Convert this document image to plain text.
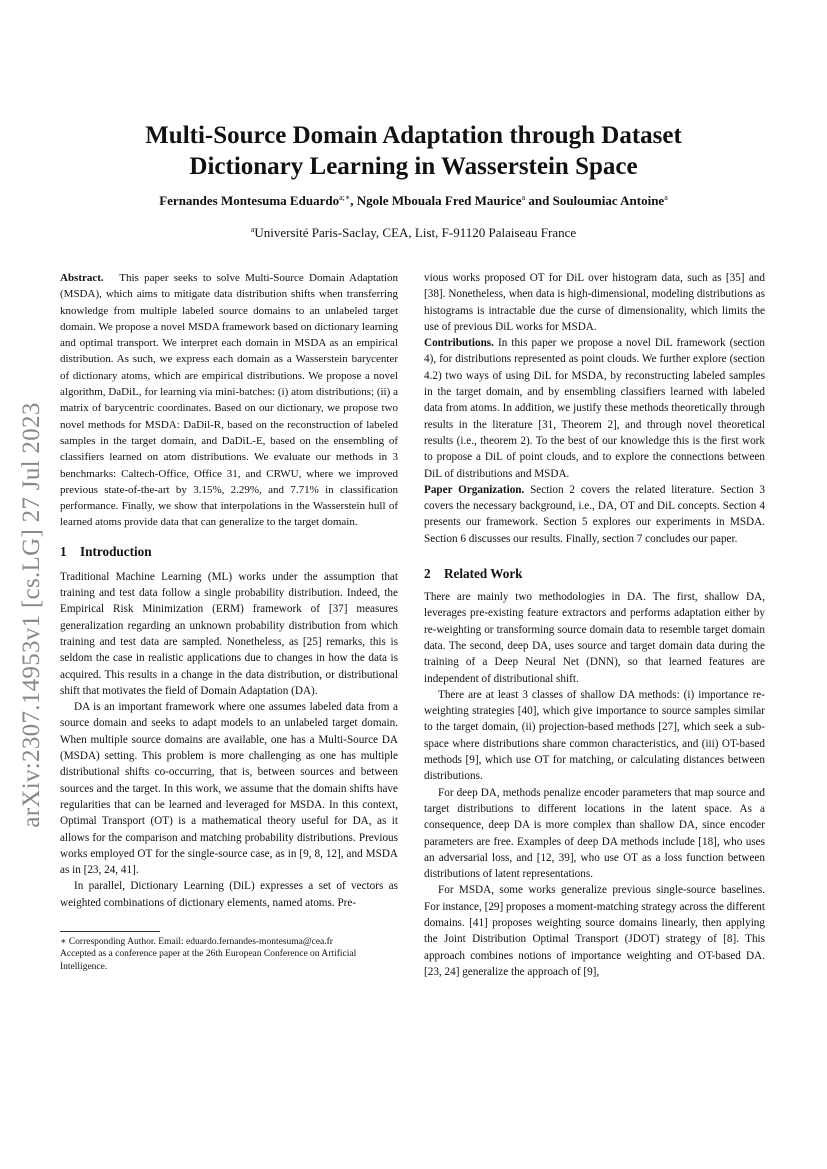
arXiv:2307.14953v1 [cs.LG] 27 Jul 2023
Multi-Source Domain Adaptation through Dataset
Dictionary Learning in Wasserstein Space
Fernandes Montesuma Eduardo$^{a;∗}$, Ngole Mbouala Fred Maurice$^a$ and Souloumiac Antoine$^a$
$^a$Université Paris-Saclay, CEA, List, F-91120 Palaiseau France

Abstract. This paper seeks to solve Multi-Source Domain Adaptation (MSDA), which aims to mitigate data distribution shifts when transferring knowledge from multiple labeled source domains to an unlabeled target domain. We propose a novel MSDA framework based on dictionary learning and optimal transport. We interpret each domain in MSDA as an empirical distribution. As such, we express each domain as a Wasserstein barycenter of dictionary atoms, which are empirical distributions. We propose a novel algorithm, DaDiL, for learning via mini-batches: (i) atom distributions; (ii) a matrix of barycentric coordinates. Based on our dictionary, we propose two novel methods for MSDA: DaDil-R, based on the reconstruction of labeled samples in the target domain, and DaDiL-E, based on the ensembling of classifiers learned on atom distributions. We evaluate our methods in 3 benchmarks: Caltech-Office, Office 31, and CRWU, where we improved previous state-of-the-art by 3.15%, 2.29%, and 7.71% in classification performance. Finally, we show that interpolations in the Wasserstein hull of learned atoms provide data that can generalize to the target domain.

1 Introduction

Traditional Machine Learning (ML) works under the assumption that training and test data follow a single probability distribution. Indeed, the Empirical Risk Minimization (ERM) framework of [37] measures generalization regarding an unknown probability distribution from which training and test data are sampled. Nonetheless, as [25] remarks, this is seldom the case in realistic applications due to changes in how the data is acquired. This results in a change in the data distribution, or distributional shift that motivates the field of Domain Adaptation (DA).

DA is an important framework where one assumes labeled data from a source domain and seeks to adapt models to an unlabeled target domain. When multiple source domains are available, one has a Multi-Source DA (MSDA) setting. This problem is more challenging as one has multiple distributional shifts co-occurring, that is, between sources and between sources and the target. In this work, we assume that the domain shifts have regularities that can be learned and leveraged for MSDA. In this context, Optimal Transport (OT) is a mathematical theory useful for DA, as it allows for the comparison and matching probability distributions. Previous works employed OT for the single-source case, as in [9, 8, 12], and MSDA as in [23, 24, 41].

In parallel, Dictionary Learning (DiL) expresses a set of vectors as weighted combinations of dictionary elements, named atoms. Pre-

∗ Corresponding Author. Email: eduardo.fernandes-montesuma@cea.fr

Accepted as a conference paper at the 26th European Conference on Artificial Intelligence.

vious works proposed OT for DiL over histogram data, such as [35] and [38]. Nonetheless, when data is high-dimensional, modeling distributions as histograms is intractable due the curse of dimensionality, which limits the use of previous DiL works for MSDA.

Contributions. In this paper we propose a novel DiL framework (section 4), for distributions represented as point clouds. We further explore (section 4.2) two ways of using DiL for MSDA, by reconstructing labeled samples in the target domain, and by ensembling classifiers learned with labeled data from atoms. In addition, we justify these methods theoretically through results in the literature [31, Theorem 2], and through novel theoretical results (i.e., theorem 2). To the best of our knowledge this is the first work to propose a DiL of point clouds, and to explore the connections between DiL of distributions and MSDA.

Paper Organization. Section 2 covers the related literature. Section 3 covers the necessary background, i.e., DA, OT and DiL concepts. Section 4 presents our framework. Section 5 explores our experiments in MSDA. Section 6 discusses our results. Finally, section 7 concludes our paper.

2 Related Work

There are mainly two methodologies in DA. The first, shallow DA, leverages pre-existing feature extractors and performs adaptation either by re-weighting or transforming source domain data to resemble target domain data. The second, deep DA, uses source and target domain data during the training of a Deep Neural Net (DNN), so that learned features are independent of distributional shift.

There are at least 3 classes of shallow DA methods: (i) importance re-weighting strategies [40], which give importance to source samples similar to the target domain, (ii) projection-based methods [27], which seek a sub-space where distributions share common characteristics, and (iii) OT-based methods [9], which use OT for matching, or calculating distances between distributions.

For deep DA, methods penalize encoder parameters that map source and target distributions to different locations in the latent space. As a consequence, deep DA is more complex than shallow DA, since encoder parameters are free. Examples of deep DA methods include [18], who uses an adversarial loss, and [12, 39], who use OT as a loss function between distributions of latent representations.

For MSDA, some works generalize previous single-source baselines. For instance, [29] proposes a moment-matching strategy across the different domains. [41] proposes weighting source domains linearly, then applying the Joint Distribution Optimal Transport (JDOT) strategy of [8]. This approach combines notions of importance weighting and OT-based DA. [23, 24] generalize the approach of [9],
